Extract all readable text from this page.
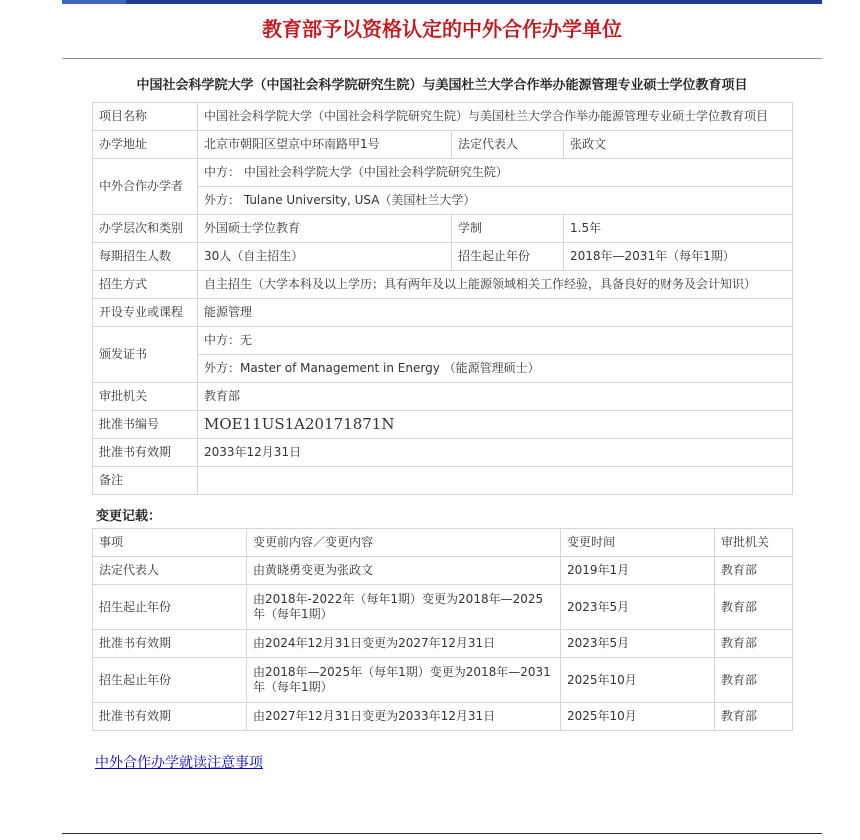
教育部予以资格认定的中外合作办学单位
中国社会科学院大学（中国社会科学院研究生院）与美国杜兰大学合作举办能源管理专业硕士学位教育项目
项目名称	中国社会科学院大学（中国社会科学院研究生院）与美国杜兰大学合作举办能源管理专业硕士学位教育项目		
办学地址	北京市朝阳区望京中环南路甲1号	法定代表人	张政文
中外合作办学者	中方： 中国社会科学院大学（中国社会科学院研究生院）		
	外方： Tulane University, USA（美国杜兰大学）		
办学层次和类别	外国硕士学位教育	学制	1.5年
每期招生人数	30人（自主招生）	招生起止年份	2018年—2031年（每年1期）
招生方式	自主招生（大学本科及以上学历；具有两年及以上能源领域相关工作经验，具备良好的财务及会计知识）		
开设专业或课程	能源管理		
颁发证书	中方：无		
	外方：Master of Management in Energy （能源管理硕士）		
审批机关	教育部		
批准书编号	MOE11US1A20171871N		
批准书有效期	2033年12月31日		
备注			
变更记载：
事项	变更前内容／变更内容	变更时间	审批机关
法定代表人	由黄晓勇变更为张政文	2019年1月	教育部
招生起止年份	由2018年-2022年（每年1期）变更为2018年—2025年（每年1期）	2023年5月	教育部
批准书有效期	由2024年12月31日变更为2027年12月31日	2023年5月	教育部
招生起止年份	由2018年—2025年（每年1期）变更为2018年—2031年（每年1期）	2025年10月	教育部
批准书有效期	由2027年12月31日变更为2033年12月31日	2025年10月	教育部
中外合作办学就读注意事项
